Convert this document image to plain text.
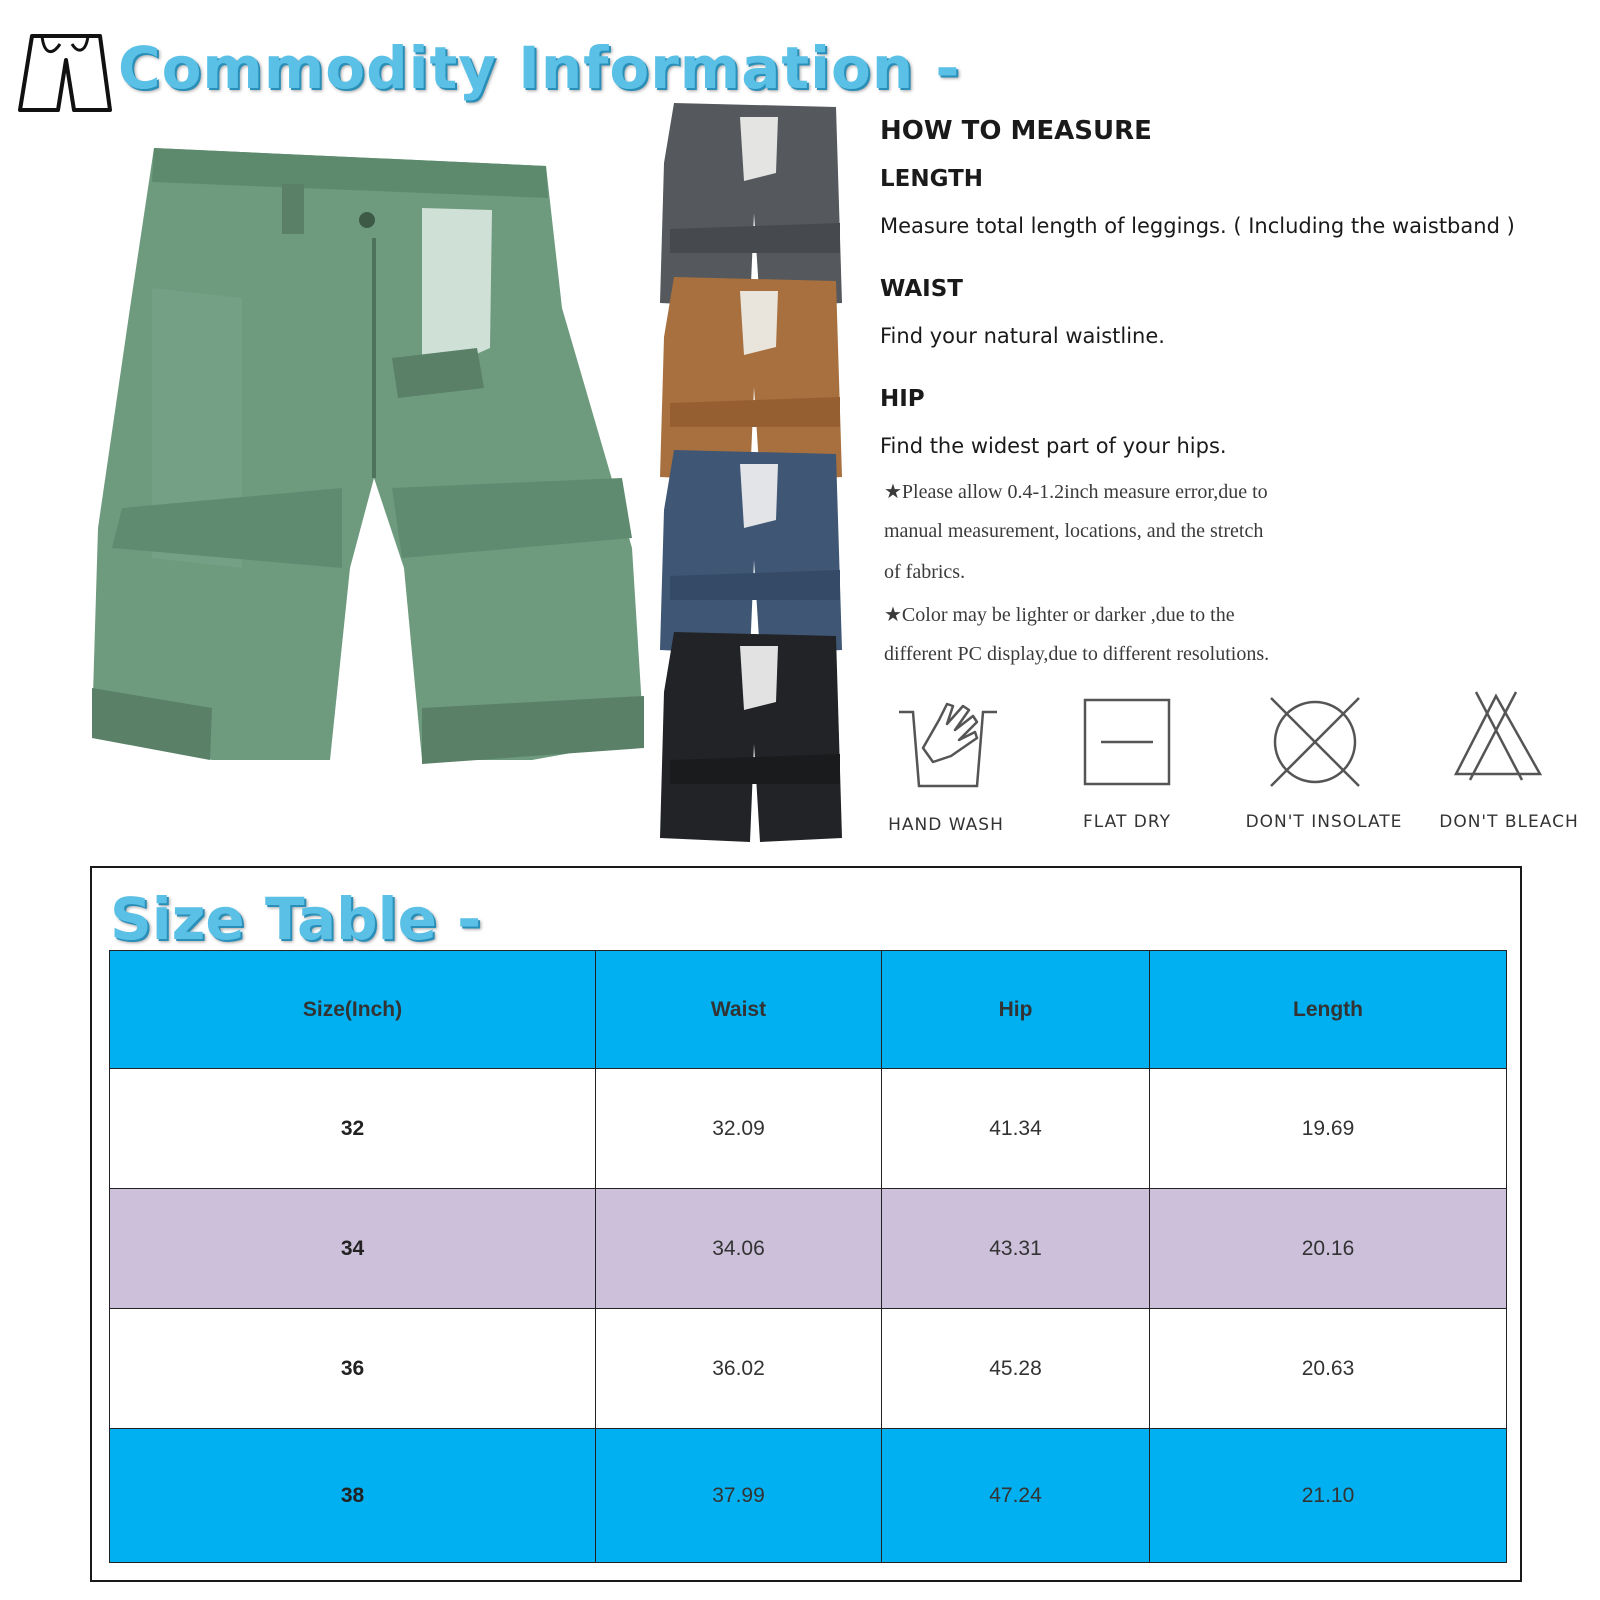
Commodity Information -
HOW TO MEASURE
LENGTH
Measure total length of leggings. ( Including the waistband )
WAIST
Find your natural waistline.
HIP
Find the widest part of your hips.
★Please allow 0.4-1.2inch measure error,due to
manual measurement, locations, and the stretch
of fabrics.
★Color may be lighter or darker ,due to the
different PC display,due to different resolutions.
HAND WASH	FLAT DRY	DON'T INSOLATE	DON'T BLEACH
Size Table -
Size(Inch)	Waist	Hip	Length
32	32.09	41.34	19.69
34	34.06	43.31	20.16
36	36.02	45.28	20.63
38	37.99	47.24	21.10
